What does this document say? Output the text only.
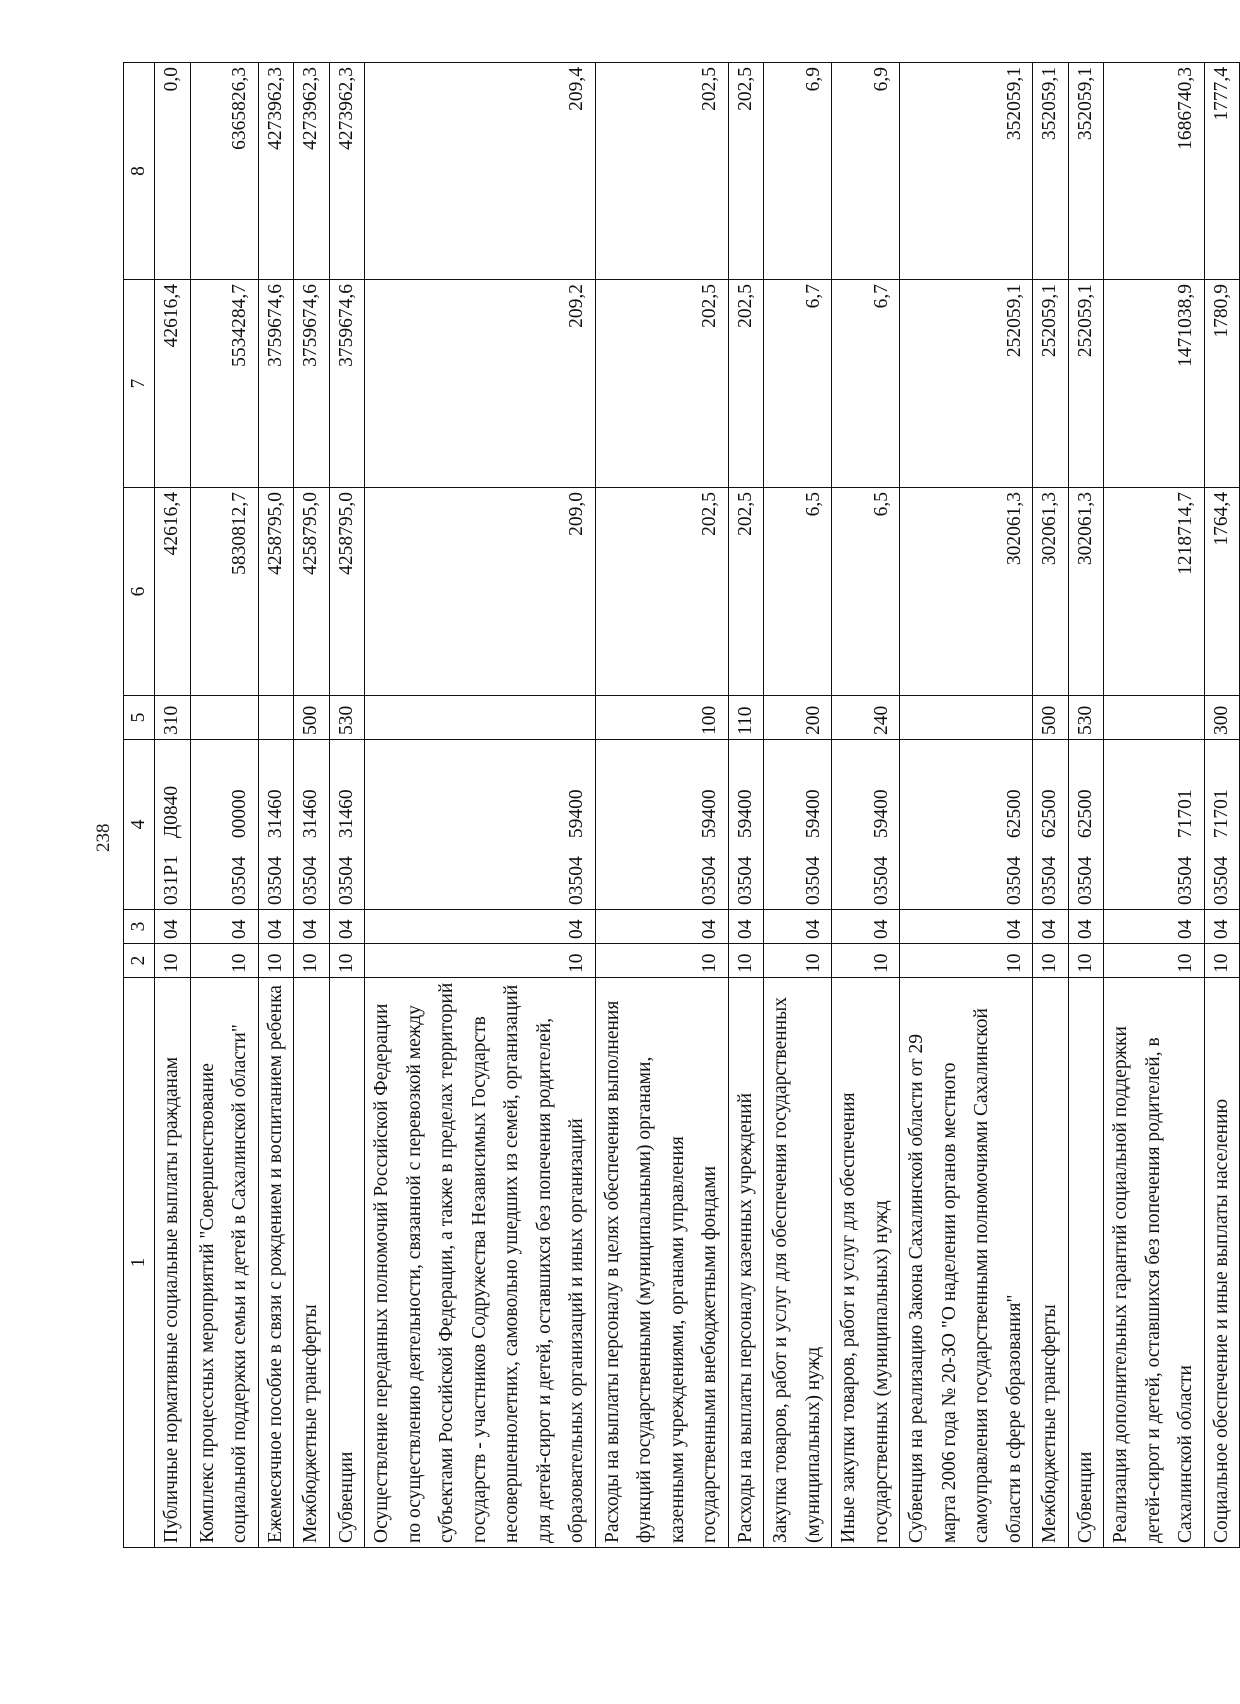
238
1	2	3	4	5	6	7	8
Публичные нормативные социальные выплаты гражданам	10	04	031Р1 Д0840	310	42616,4	42616,4	0,0
Комплекс процессных мероприятий "Совершенствование социальной поддержки семьи и детей в Сахалинской области"	10	04	03504 00000		5830812,7	5534284,7	6365826,3
Ежемесячное пособие в связи с рождением и воспитанием ребенка	10	04	03504 31460		4258795,0	3759674,6	4273962,3
Межбюджетные трансферты	10	04	03504 31460	500	4258795,0	3759674,6	4273962,3
Субвенции	10	04	03504 31460	530	4258795,0	3759674,6	4273962,3
Осуществление переданных полномочий Российской Федерации по осуществлению деятельности, связанной с перевозкой между субъектами Российской Федерации, а также в пределах территорий государств - участников Содружества Независимых Государств несовершеннолетних, самовольно ушедших из семей, организаций для детей-сирот и детей, оставшихся без попечения родителей, образовательных организаций и иных организаций	10	04	03504 59400		209,0	209,2	209,4
Расходы на выплаты персоналу в целях обеспечения выполнения функций государственными (муниципальными) органами, казенными учреждениями, органами управления государственными внебюджетными фондами	10	04	03504 59400	100	202,5	202,5	202,5
Расходы на выплаты персоналу казенных учреждений	10	04	03504 59400	110	202,5	202,5	202,5
Закупка товаров, работ и услуг для обеспечения государственных (муниципальных) нужд	10	04	03504 59400	200	6,5	6,7	6,9
Иные закупки товаров, работ и услуг для обеспечения государственных (муниципальных) нужд	10	04	03504 59400	240	6,5	6,7	6,9
Субвенция на реализацию Закона Сахалинской области от 29 марта 2006 года № 20-ЗО "О наделении органов местного самоуправления государственными полномочиями Сахалинской области в сфере образования"	10	04	03504 62500		302061,3	252059,1	352059,1
Межбюджетные трансферты	10	04	03504 62500	500	302061,3	252059,1	352059,1
Субвенции	10	04	03504 62500	530	302061,3	252059,1	352059,1
Реализация дополнительных гарантий социальной поддержки детей-сирот и детей, оставшихся без попечения родителей, в Сахалинской области	10	04	03504 71701		1218714,7	1471038,9	1686740,3
Социальное обеспечение и иные выплаты населению	10	04	03504 71701	300	1764,4	1780,9	1777,4
